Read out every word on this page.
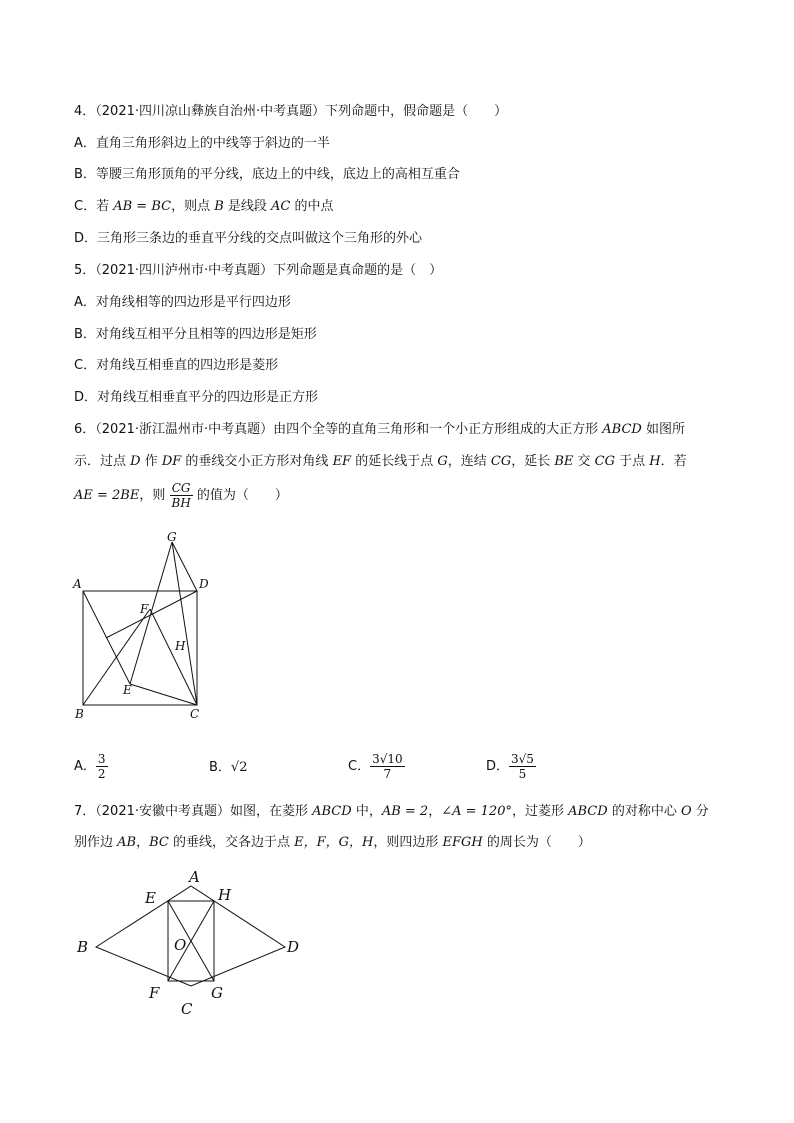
4．（2021·四川凉山彝族自治州·中考真题）下列命题中，假命题是（　　）
A．直角三角形斜边上的中线等于斜边的一半
B．等腰三角形顶角的平分线，底边上的中线，底边上的高相互重合
C．若 AB = BC，则点 B 是线段 AC 的中点
D．三角形三条边的垂直平分线的交点叫做这个三角形的外心
5．（2021·四川泸州市·中考真题）下列命题是真命题的是（　）
A．对角线相等的四边形是平行四边形
B．对角线互相平分且相等的四边形是矩形
C．对角线互相垂直的四边形是菱形
D．对角线互相垂直平分的四边形是正方形
6．（2021·浙江温州市·中考真题）由四个全等的直角三角形和一个小正方形组成的大正方形 ABCD 如图所
示．过点 D 作 DF 的垂线交小正方形对角线 EF 的延长线于点 G，连结 CG，延长 BE 交 CG 于点 H．若
AE = 2BE，则 $\frac{CG}{BH}$ 的值为（　　）
A
B	C
D
E
F
G
H
A． $\frac{3}{2}$	B．√2	C． $\frac{3√10}{7}$	D． $\frac{3√5}{5}$
7．（2021·安徽中考真题）如图，在菱形 ABCD 中，AB = 2，∠A = 120°，过菱形 ABCD 的对称中心 O 分
别作边 AB，BC 的垂线，交各边于点 E，F，G，H，则四边形 EFGH 的周长为（　　）
A
B
C
D
E
F	G
H
O
